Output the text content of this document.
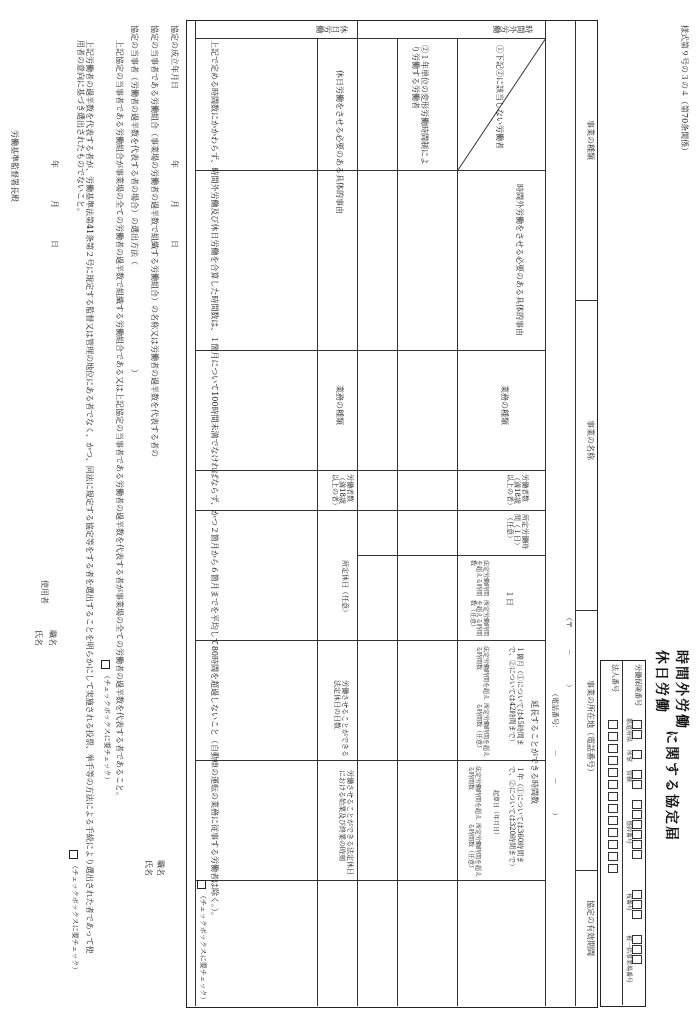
様式第９号の３の４（第70条関係）
時間外労働
休日労働
に関する協定届
労働保険番号
法人番号
都道府県
所掌
管轄
基幹番号
枝番号
被一括事業場番号
事業の種類
事業の名称
事業の所在地（電話番号）
協定の有効期間
（〒　　　－　　　　）
（電話番号：　　　－　　　－　　　　）
時間外労働
①下記②に該当しない労働者
②１年単位の変形労働時間制により労働する労働者
時間外労働をさせる必要のある具体的事由
業務の種類
労働者数（満18歳以上の者）
所定労働時間（１日）（任意）
延長することができる時間数
１日
１箇月（①については45時間まで、②については42時間まで）
１年（①については360時間まで、②については320時間まで）
起算日（年月日）
法定労働時間を超える時間数
所定労働時間を超える時間数（任意）
法定労働時間を超える時間数
所定労働時間を超える時間数（任意）
法定労働時間を超える時間数
所定労働時間を超える時間数（任意）
休日労働
休日労働をさせる必要のある具体的事由
業務の種類
労働者数（満18歳以上の者）
所定休日（任意）
労働させることができる法定休日の日数
労働させることができる法定休日における始業及び終業の時刻
上記で定める時間数にかかわらず、時間外労働及び休日労働を合算した時間数は、１箇月について100時間未満でなければならず、かつ２箇月から６箇月までを平均して80時間を超過しないこと（自動車の運転の業務に従事する労働者は除く。）。
（チェックボックスに要チェック）
協定の成立年月日
年
月
日
協定の当事者である労働組合（事業場の労働者の過半数で組織する労働組合）の名称又は労働者の過半数を代表する者の
職名
氏名
協定の当事者（労働者の過半数を代表する者の場合）の選出方法（　　　　　　　　　　　　　）
上記協定の当事者である労働組合が事業場の全ての労働者の過半数で組織する労働組合である又は上記協定の当事者である労働者の過半数を代表する者が事業場の全ての労働者の過半数を代表する者であること。
（チェックボックスに要チェック）
上記労働者の過半数を代表する者が、労働基準法第41条第２号に規定する監督又は管理の地位にある者でなく、かつ、同法に規定する協定等をする者を選出することを明らかにして実施される投票、挙手等の方法による手続により選出された者であって使用者の意向に基づき選出されたものでないこと。
（チェックボックスに要チェック）
年
月
日
使用者
職名
氏名
労働基準監督署長殿
